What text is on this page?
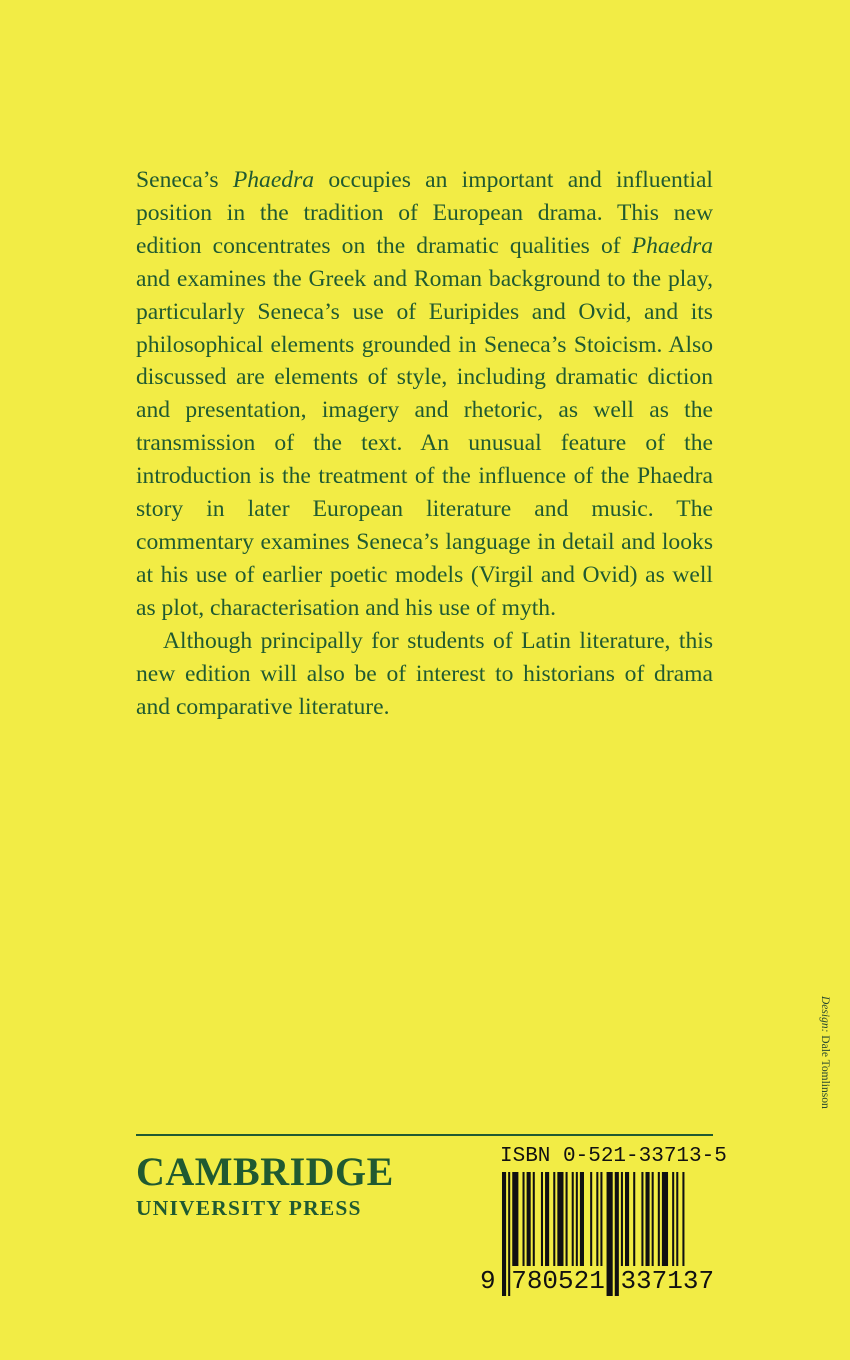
Seneca’s Phaedra occupies an important and influential position in the tradition of European drama. This new edition concentrates on the dramatic qualities of Phaedra and examines the Greek and Roman background to the play, particularly Seneca’s use of Euripides and Ovid, and its philosophical elements grounded in Seneca’s Stoicism. Also discussed are elements of style, including dramatic diction and presentation, imagery and rhetoric, as well as the transmission of the text. An unusual feature of the introduction is the treatment of the influence of the Phaedra story in later European literature and music. The commentary examines Seneca’s language in detail and looks at his use of earlier poetic models (Virgil and Ovid) as well as plot, characterisation and his use of myth.

Although principally for students of Latin literature, this new edition will also be of interest to historians of drama and comparative literature.

Design: Dale Tomlinson
CAMBRIDGE
UNIVERSITY PRESS
ISBN 0-521-33713-5
9 780521 337137
